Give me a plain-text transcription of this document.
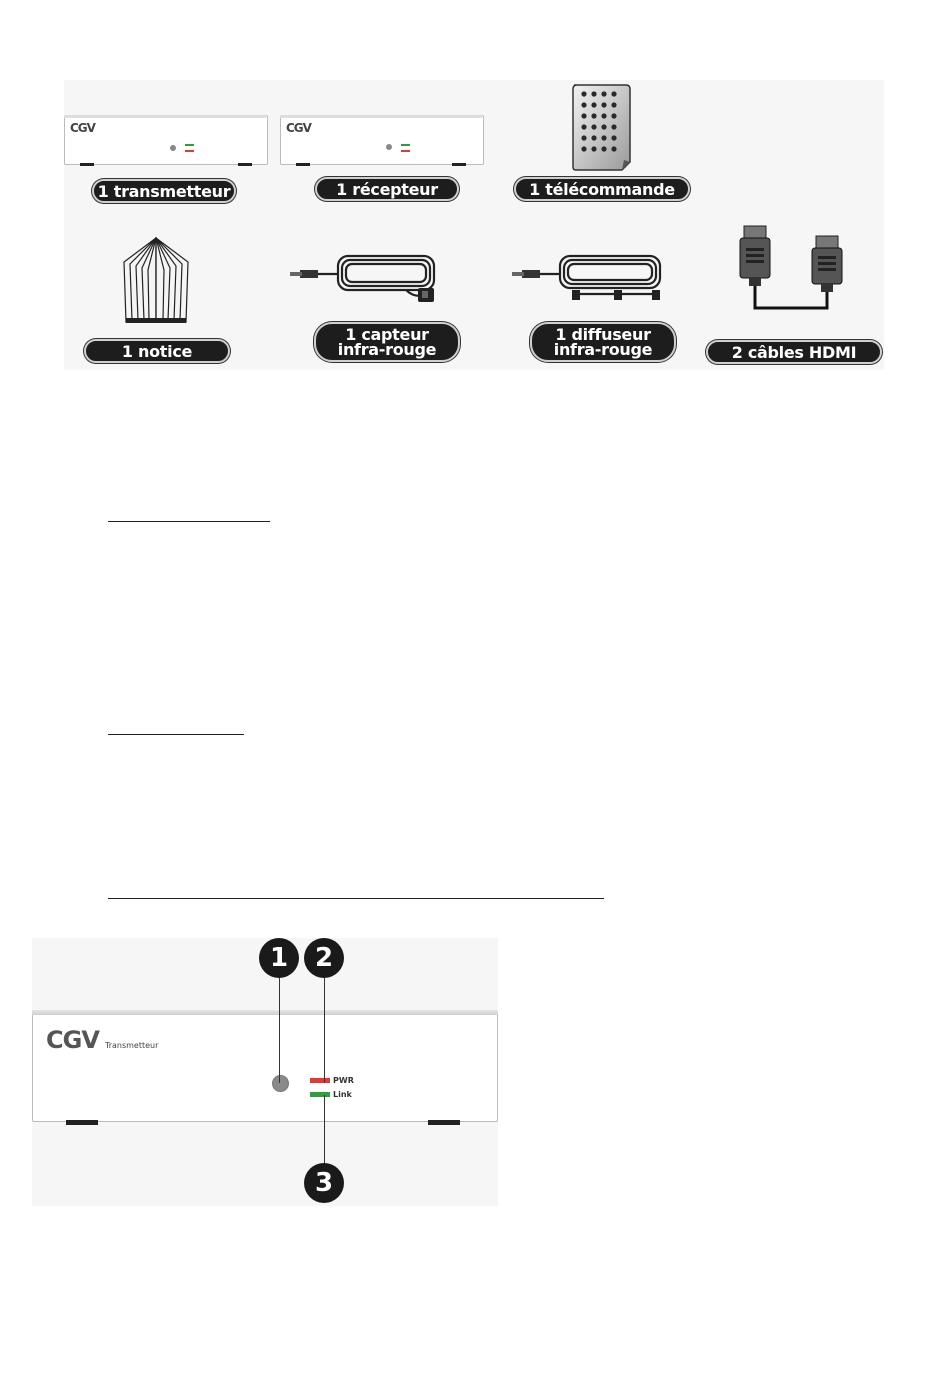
CGV
1 transmetteur
CGV
1 récepteur	1 télécommande
1 notice
1 capteur
infra-rouge
1 diffuseur
infra-rouge	2 câbles HDMI
CGV Transmetteur
PWR
Link
1	2
3
